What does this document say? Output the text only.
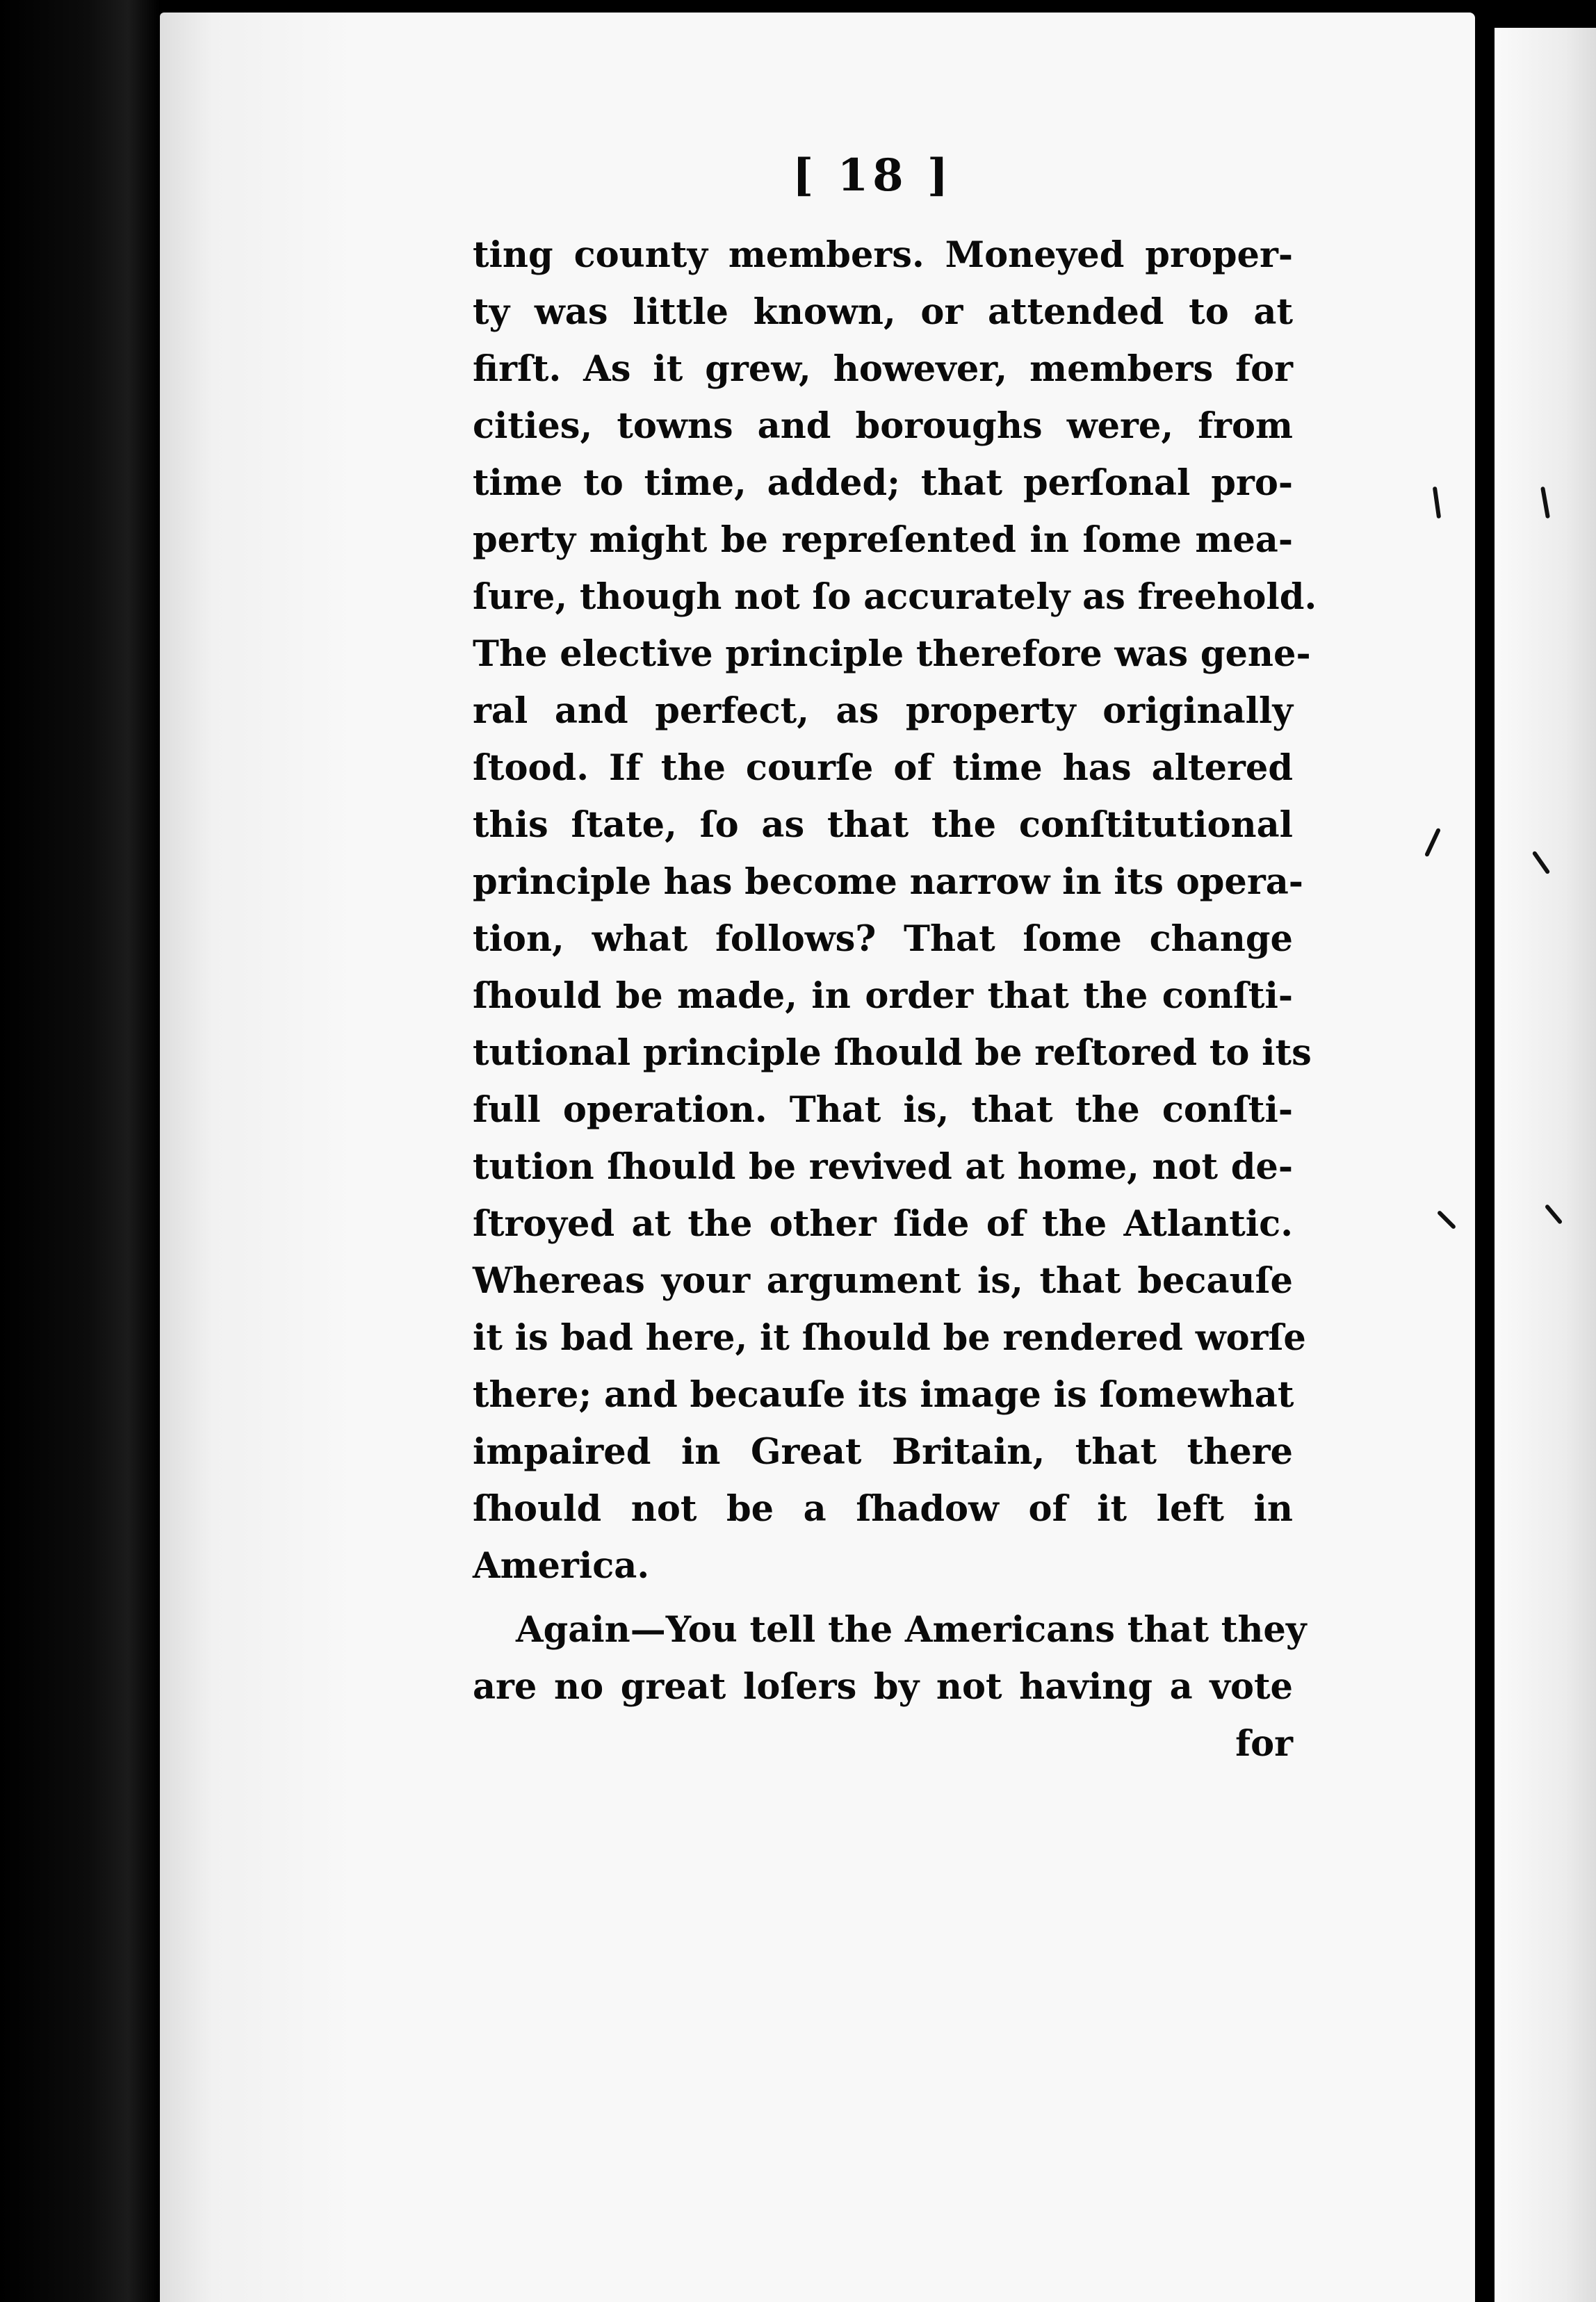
[ 18 ]

ting county members. Moneyed proper-
ty was little known, or attended to at
firſt. As it grew, however, members for
cities, towns and boroughs were, from
time to time, added; that perſonal pro-
perty might be repreſented in ſome mea-
ſure, though not ſo accurately as freehold.
The elective principle therefore was gene-
ral and perfect, as property originally
ſtood. If the courſe of time has altered
this ſtate, ſo as that the conſtitutional
principle has become narrow in its opera-
tion, what follows? That ſome change
ſhould be made, in order that the conſti-
tutional principle ſhould be reſtored to its
full operation. That is, that the conſti-
tution ſhould be revived at home, not de-
ſtroyed at the other ſide of the Atlantic.
Whereas your argument is, that becauſe
it is bad here, it ſhould be rendered worſe
there; and becauſe its image is ſomewhat
impaired in Great Britain, that there
ſhould not be a ſhadow of it left in
America.
Again—You tell the Americans that they
are no great loſers by not having a vote
for
